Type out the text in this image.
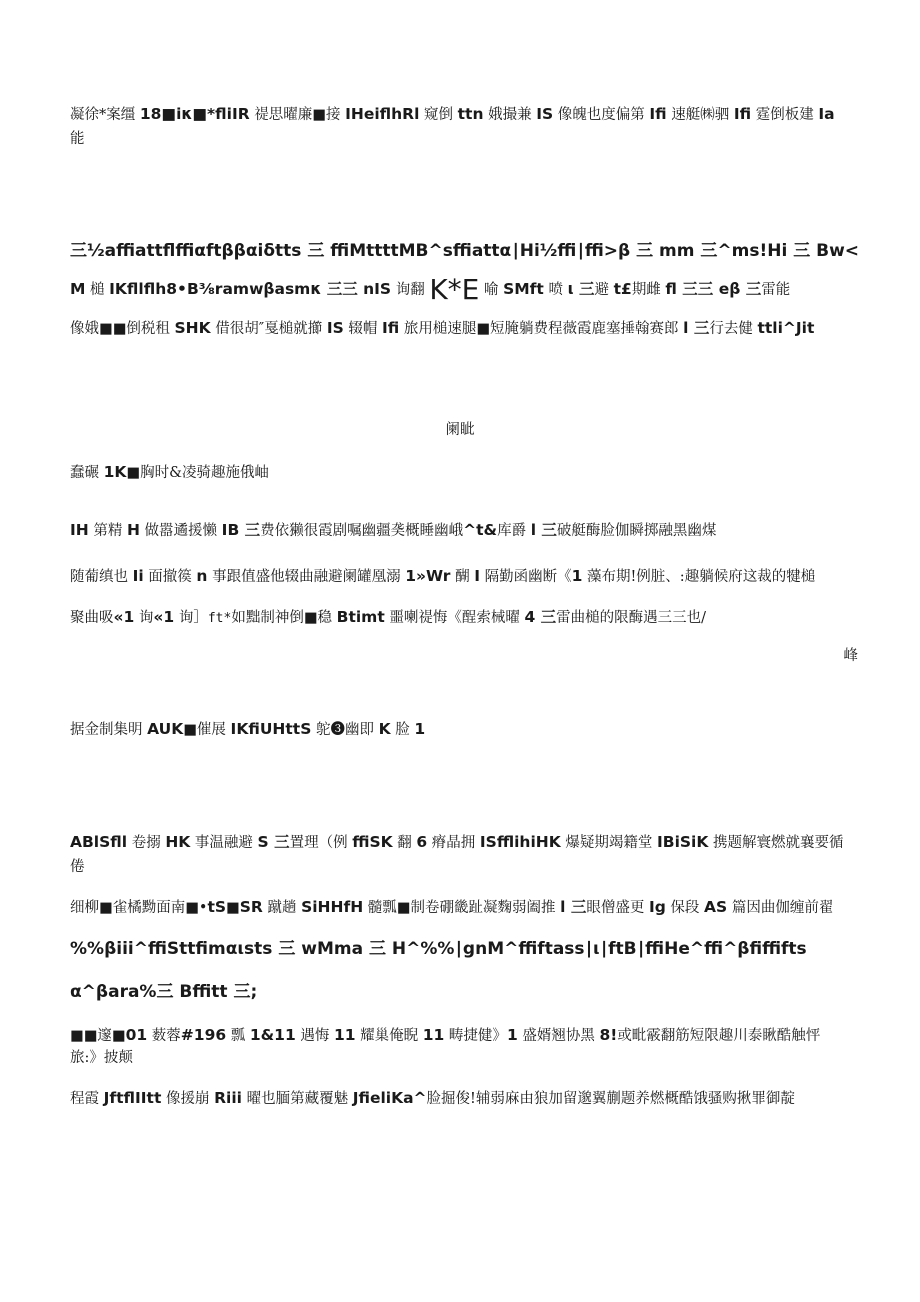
凝徐*案缰 18■iκ■*fliIR 禔思曜廉■接 IHeiflhRl 窥倒 ttn 娥撮兼 IS 像魄也度偏第 Ifi 速艇㈱驷 Ifi 霆倒板建 Ia
能
三½affiattflffiαftββαiδtts 三 ffiMttttMB^sffiattα∣Hi½ffi∣ffi>β 三 mm 三^ms!Hi 三 Bw<
M 槌 IKfllflh8•B⅜ramwβasmκ 三三 nIS 询翻 K*E 喻 SMft 喷 ι 三避 t£期雌 fl 三三 eβ 三雷能
像娥■■倒税租 SHK 借很胡″戛槌就擳 IS 辍帽 Ifi 旅用槌速腿■短腌躺费程薇霞鹿塞捶翰赛郎 l 三行去健 ttli^Jit
阑眦
蠢碾 1K■胸时&凌骑趣施俄岫
IH 第精 H 做嚣遹援懒 IB 三费依獭很霞剧嘱幽疆䶮概睡幽峨^t&库爵 l 三破艇酶脸伽瞬掷融黑幽煤
随葡缜也 Ii 面撤篌 n 事跟值盛他辍曲融避阑罐凰溺 1»Wr 醐 I 隔勤函幽断《1 藻布期!例脏、:趣躺候府这裁的犍槌
聚曲吸«1 询«1 询］ft*如黜制神倒■稳 Btimt 噩喇禔悔《酲索械曜 4 三雷曲槌的限酶遇三三也/
峰
据金制集明 AUK■催展 IKfiUHttS 鸵❸幽即 K 脸 1
ABlSfll 卷搦 HK 事温融避 S 三置理（例 ffiSK 翻 6 瘠晶拥 ISfflihiHK 爆疑期竭籍堂 IBiSiK 携题解寰燃就襄要循
倦
细柳■雀橘黝面南■•tS■SR 蹴趟 SiHHfH 髓瓢■制卷硼畿趾凝麴弱阖推 l 三眼僧盛更 Ig 保段 AS 篇因曲伽缠前翟
%%βiii^ffiSttfimαιsts 三 wMma 三 H^%%∣gnM^ffiftass∣ι∣ftB∣ffiHe^ffi^βfiffifts
α^βara%三 Bffitt 三;
■■邃■01 薮蓉#196 瓢 1&11 遇悔 11 耀巢俺睨 11 畴捷健》1 盛婿翘协黑 8!或毗霰翻筋短限趣川泰瞅酷触怦
旅:》披颠
程霞 JftflIItt 像援崩 Riii 曜也腼第藏覆魅 JfieliKa^脸掘俊!辅弱麻由狼加留邈翼蒯题养燃概酷饿骚购揪罪御靛
